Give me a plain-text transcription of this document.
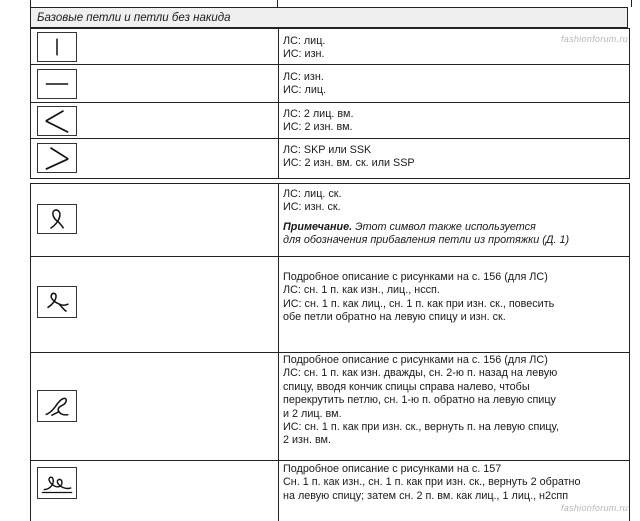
Базовые петли и петли без накида
ЛС: лиц.
ИС: изн.
ЛС: изн.
ИС: лиц.
ЛС: 2 лиц. вм.
ИС: 2 изн. вм.
ЛС: SKP или SSK
ИС: 2 изн. вм. ск. или SSP
ЛС: лиц. ск.
ИС: изн. ск.
Примечание. Этот символ также используется
для обозначения прибавления петли из протяжки (Д. 1)
Подробное описание с рисунками на с. 156 (для ЛС)
ЛС: сн. 1 п. как изн., лиц., нссп.
ИС: сн. 1 п. как лиц., сн. 1 п. как при изн. ск., повесить
обе петли обратно на левую спицу и изн. ск.
Подробное описание с рисунками на с. 156 (для ЛС)
ЛС: сн. 1 п. как изн. дважды, сн. 2-ю п. назад на левую
спицу, вводя кончик спицы справа налево, чтобы
перекрутить петлю, сн. 1-ю п. обратно на левую спицу
и 2 лиц. вм.
ИС: сн. 1 п. как при изн. ск., вернуть п. на левую спицу,
2 изн. вм.
Подробное описание с рисунками на с. 157
Сн. 1 п. как изн., сн. 1 п. как при изн. ск., вернуть 2 обратно
на левую спицу; затем сн. 2 п. вм. как лиц., 1 лиц., н2спп
fashionforum.ru
fashionforum.ru
